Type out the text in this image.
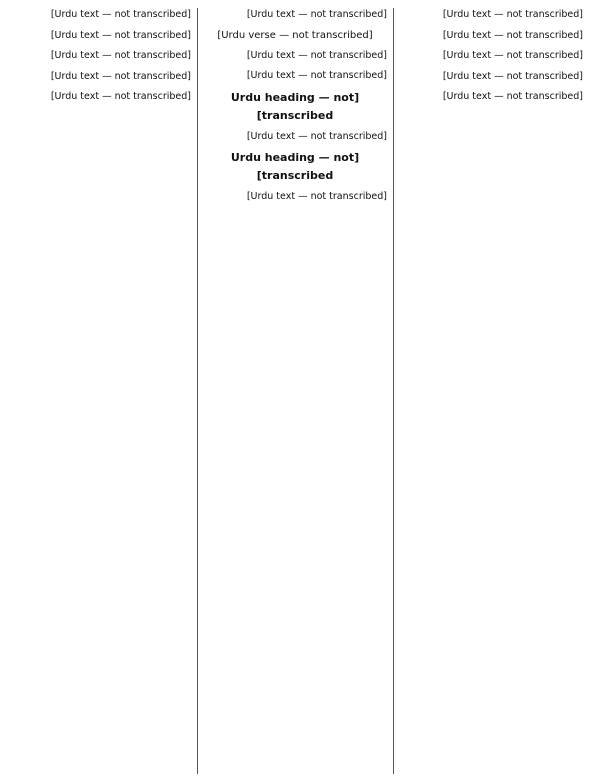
[Urdu text — not transcribed]

[Urdu text — not transcribed]

[Urdu text — not transcribed]

[Urdu text — not transcribed]

[Urdu text — not transcribed]

[Urdu text — not transcribed]

[Urdu verse — not transcribed]

[Urdu text — not transcribed]

[Urdu text — not transcribed]

[Urdu heading — not transcribed]

[Urdu text — not transcribed]

[Urdu heading — not transcribed]

[Urdu text — not transcribed]

[Urdu text — not transcribed]

[Urdu text — not transcribed]

[Urdu text — not transcribed]

[Urdu text — not transcribed]

[Urdu text — not transcribed]
